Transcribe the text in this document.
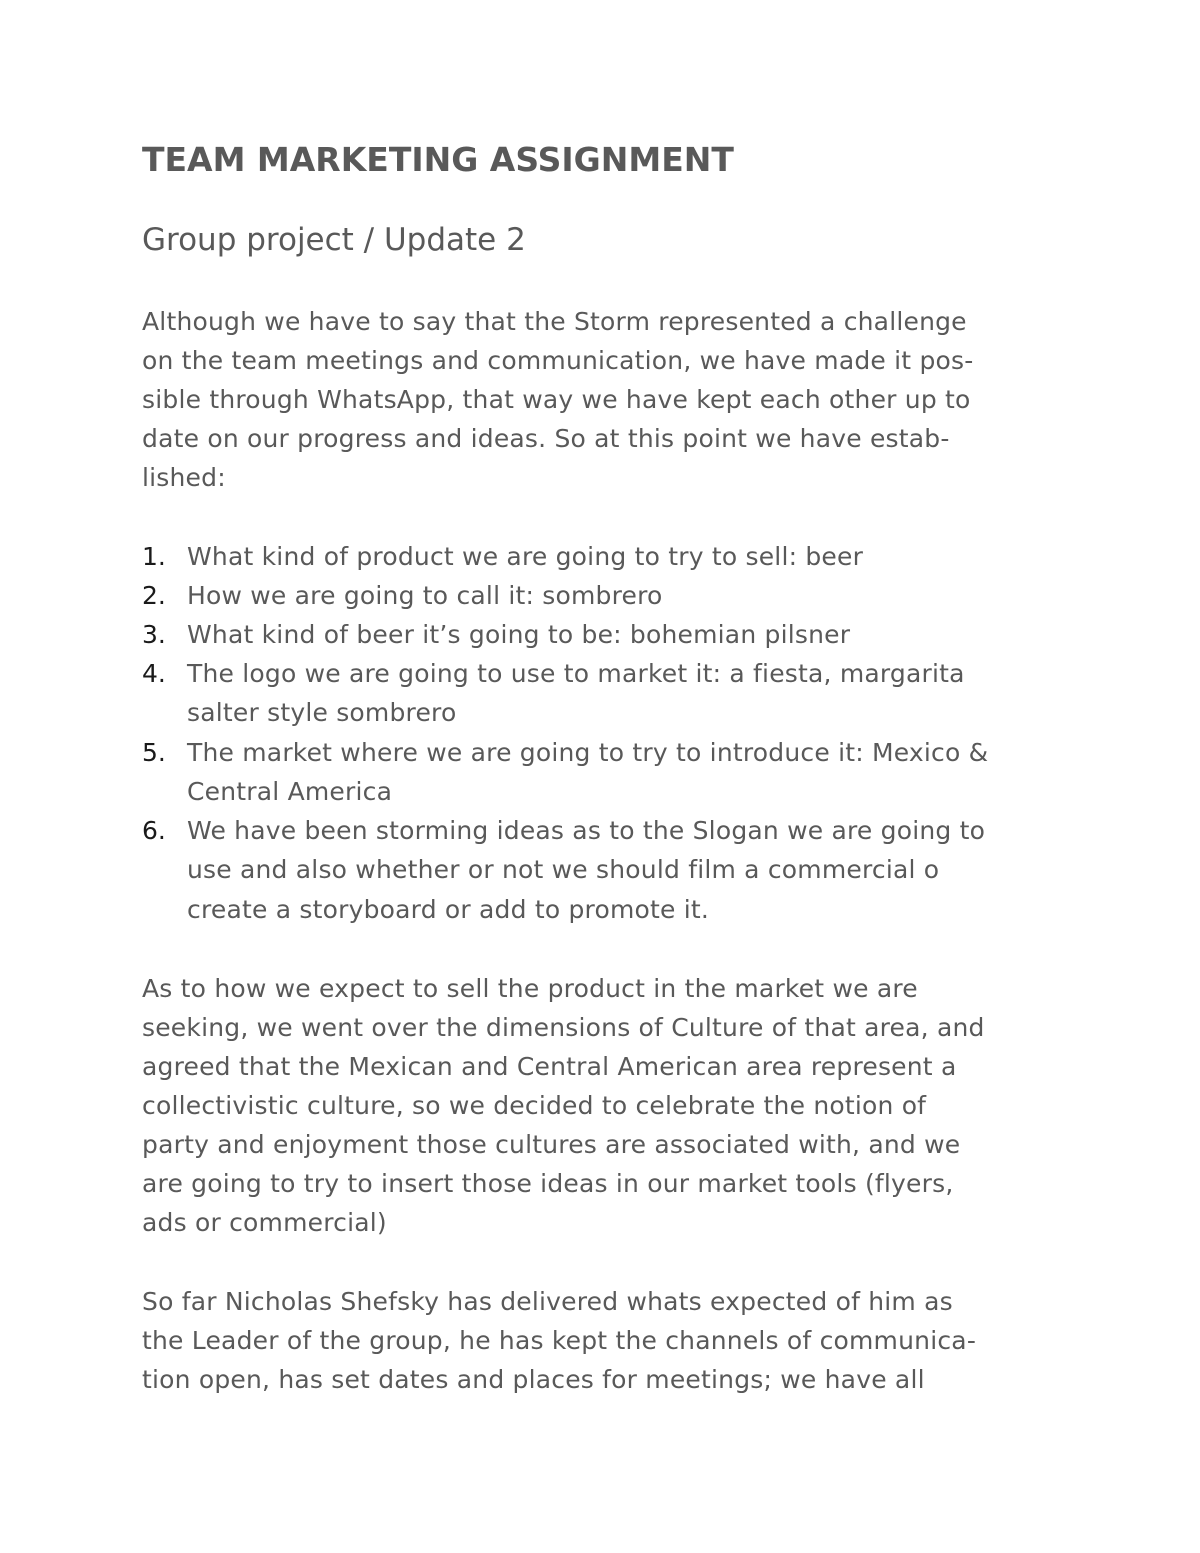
TEAM MARKETING ASSIGNMENT
Group project / Update 2

Although we have to say that the Storm represented a challenge

on the team meetings and communication, we have made it pos-

sible through WhatsApp, that way we have kept each other up to

date on our progress and ideas. So at this point we have estab-

lished:

1. What kind of product we are going to try to sell: beer
2. How we are going to call it: sombrero
3. What kind of beer it’s going to be: bohemian pilsner
4. The logo we are going to use to market it: a fiesta, margarita
salter style sombrero
5. The market where we are going to try to introduce it: Mexico &
Central America
6. We have been storming ideas as to the Slogan we are going to
use and also whether or not we should film a commercial o
create a storyboard or add to promote it.

As to how we expect to sell the product in the market we are

seeking, we went over the dimensions of Culture of that area, and

agreed that the Mexican and Central American area represent a

collectivistic culture, so we decided to celebrate the notion of

party and enjoyment those cultures are associated with, and we

are going to try to insert those ideas in our market tools (flyers,

ads or commercial)

So far Nicholas Shefsky has delivered whats expected of him as

the Leader of the group, he has kept the channels of communica-

tion open, has set dates and places for meetings; we have all
